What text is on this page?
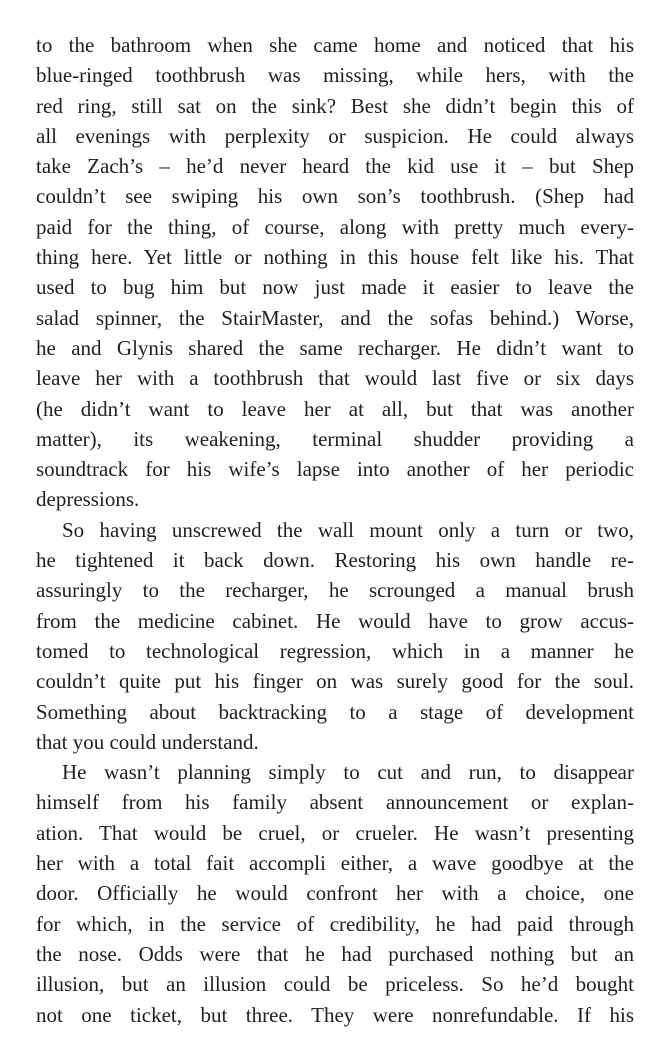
to the bathroom when she came home and noticed that his
blue-ringed toothbrush was missing, while hers, with the
red ring, still sat on the sink? Best she didn’t begin this of
all evenings with perplexity or suspicion. He could always
take Zach’s – he’d never heard the kid use it – but Shep
couldn’t see swiping his own son’s toothbrush. (Shep had
paid for the thing, of course, along with pretty much every-
thing here. Yet little or nothing in this house felt like his. That
used to bug him but now just made it easier to leave the
salad spinner, the StairMaster, and the sofas behind.) Worse,
he and Glynis shared the same recharger. He didn’t want to
leave her with a toothbrush that would last five or six days
(he didn’t want to leave her at all, but that was another
matter), its weakening, terminal shudder providing a
soundtrack for his wife’s lapse into another of her periodic
depressions.
So having unscrewed the wall mount only a turn or two,
he tightened it back down. Restoring his own handle re-
assuringly to the recharger, he scrounged a manual brush
from the medicine cabinet. He would have to grow accus-
tomed to technological regression, which in a manner he
couldn’t quite put his finger on was surely good for the soul.
Something about backtracking to a stage of development
that you could understand.
He wasn’t planning simply to cut and run, to disappear
himself from his family absent announcement or explan-
ation. That would be cruel, or crueler. He wasn’t presenting
her with a total fait accompli either, a wave goodbye at the
door. Officially he would confront her with a choice, one
for which, in the service of credibility, he had paid through
the nose. Odds were that he had purchased nothing but an
illusion, but an illusion could be priceless. So he’d bought
not one ticket, but three. They were nonrefundable. If his
